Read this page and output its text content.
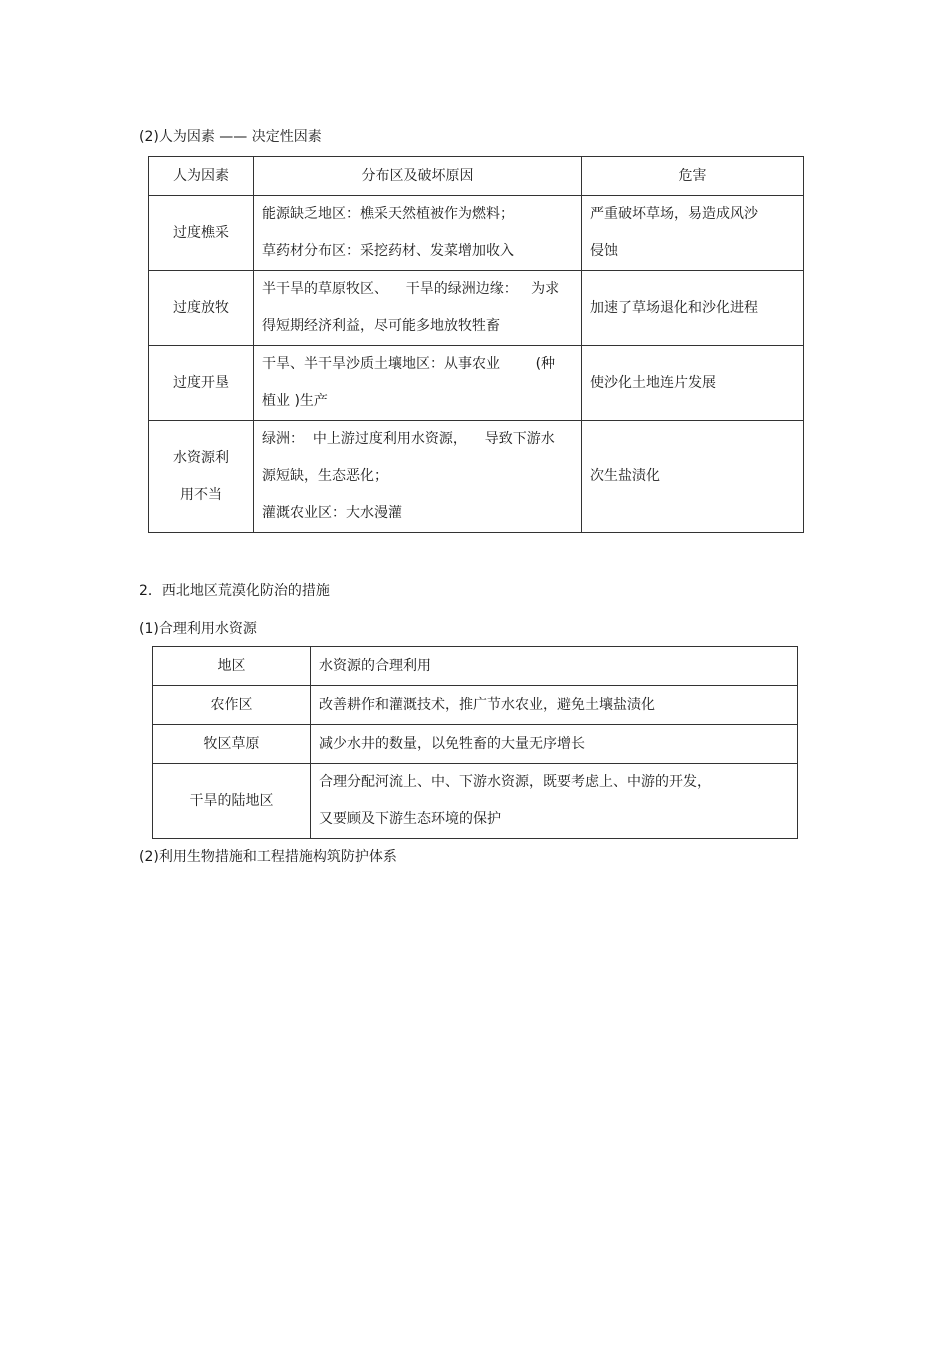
(2)人为因素 —— 决定性因素
人为因素	分布区及破坏原因	危害

过度樵采	能源缺乏地区：樵采天然植被作为燃料；
草药材分布区：采挖药材、发菜增加收入	严重破坏草场，易造成风沙
侵蚀

过度放牧	半干旱的草原牧区、    干旱的绿洲边缘：   为求
得短期经济利益，尽可能多地放牧牲畜	加速了草场退化和沙化进程

过度开垦	干旱、半干旱沙质土壤地区：从事农业        (种
植业 )生产	使沙化土地连片发展

水资源利
用不当	绿洲：  中上游过度利用水资源，    导致下游水
源短缺，生态恶化；
灌溉农业区：大水漫灌	次生盐渍化
2．西北地区荒漠化防治的措施
(1)合理利用水资源
地区	水资源的合理利用
农作区	改善耕作和灌溉技术，推广节水农业，避免土壤盐渍化

牧区草原	减少水井的数量，以免牲畜的大量无序增长

干旱的陆地区	合理分配河流上、中、下游水资源，既要考虑上、中游的开发，
又要顾及下游生态环境的保护
(2)利用生物措施和工程措施构筑防护体系
